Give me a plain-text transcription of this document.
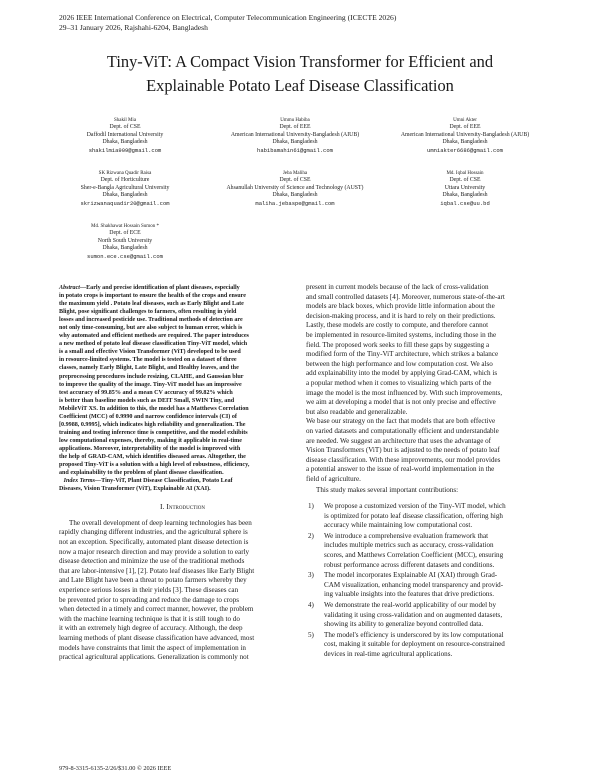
2026 IEEE International Conference on Electrical, Computer Telecommunication Engineering (ICECTE 2026)
29–31 January 2026, Rajshahi-6204, Bangladesh
Tiny-ViT: A Compact Vision Transformer for Efficient and
Explainable Potato Leaf Disease Classification
Shakil Mia
Dept. of CSE
Daffodil International University
Dhaka, Bangladesh
shakilmia909@gmail.com
Ummu Habiba
Dept. of EEE
American International University-Bangladesh (AIUB)
Dhaka, Bangladesh
habibamahin61@gmail.com
Umni Akter
Dept. of EEE
American International University-Bangladesh (AIUB)
Dhaka, Bangladesh
umniakter6686@gmail.com
SK Rizwana Quadir Raisa
Dept. of Horticulture
Sher-e-Bangla Agricultural University
Dhaka, Bangladesh
skrizwanaquadir20@gmail.com
Jeba Maliha
Dept. of CSE
Ahsanullah University of Science and Technology (AUST)
Dhaka, Bangladesh
maliha.jebaspe@gmail.com
Md. Iqbal Hossain
Dept. of CSE
Uttara University
Dhaka, Bangladesh
iqbal.cse@uu.bd
Md. Shakhawat Hossain Sumon *
Dept. of ECE
North South University
Dhaka, Bangladesh
sumon.ece.cse@gmail.com
Abstract—Early and precise identification of plant diseases, especially
in potato crops is important to ensure the health of the crops and ensure
the maximum yield . Potato leaf diseases, such as Early Blight and Late
Blight, pose significant challenges to farmers, often resulting in yield
losses and increased pesticide use. Traditional methods of detection are
not only time-consuming, but are also subject to human error, which is
why automated and efficient methods are required. The paper introduces
a new method of potato leaf disease classification Tiny-ViT model, which
is a small and effective Vision Transformer (ViT) developed to be used
in resource-limited systems. The model is tested on a dataset of three
classes, namely Early Blight, Late Blight, and Healthy leaves, and the
preprocessing procedures include resizing, CLAHE, and Gaussian blur
to improve the quality of the image. Tiny-ViT model has an impressive
test accuracy of 99.85% and a mean CV accuracy of 99.82% which
is better than baseline models such as DEIT Small, SWIN Tiny, and
MobileViT XS. In addition to this, the model has a Matthews Correlation
Coefficient (MCC) of 0.9990 and narrow confidence intervals (CI) of
[0.9988, 0.9995], which indicates high reliability and generalization. The
training and testing inference time is competitive, and the model exhibits
low computational expenses, thereby, making it applicable in real-time
applications. Moreover, interpretability of the model is improved with
the help of GRAD-CAM, which identifies diseased areas. Altogether, the
proposed Tiny-ViT is a solution with a high level of robustness, efficiency,
and explainability to the problem of plant disease classification.
Index Terms—Tiny-ViT, Plant Disease Classification, Potato Leaf
Diseases, Vision Transformer (ViT), Explainable AI (XAI).
I. Introduction
The overall development of deep learning technologies has been
rapidly changing different industries, and the agricultural sphere is
not an exception. Specifically, automated plant disease detection is
now a major research direction and may provide a solution to early
disease detection and minimize the use of the traditional methods
that are labor-intensive [1], [2]. Potato leaf diseases like Early Blight
and Late Blight have been a threat to potato farmers whereby they
experience serious losses in their yields [3]. These diseases can
be prevented prior to spreading and reduce the damage to crops
when detected in a timely and correct manner, however, the problem
with the machine learning technique is that it is still tough to do
it with an extremely high degree of accuracy. Although, the deep
learning methods of plant disease classification have advanced, most
models have constraints that limit the aspect of implementation in
practical agricultural applications. Generalization is commonly not
present in current models because of the lack of cross-validation
and small controlled datasets [4]. Moreover, numerous state-of-the-art
models are black boxes, which provide little information about the
decision-making process, and it is hard to rely on their predictions.
Lastly, these models are costly to compute, and therefore cannot
be implemented in resource-limited systems, including those in the
field. The proposed work seeks to fill these gaps by suggesting a
modified form of the Tiny-ViT architecture, which strikes a balance
between the high performance and low computation cost. We also
add explainability into the model by applying Grad-CAM, which is
a popular method when it comes to visualizing which parts of the
image the model is the most influenced by. With such improvements,
we aim at developing a model that is not only precise and effective
but also readable and generalizable.
We base our strategy on the fact that models that are both effective
on varied datasets and computationally efficient and understandable
are needed. We suggest an architecture that uses the advantage of
Vision Transformers (ViT) but is adjusted to the needs of potato leaf
disease classification. With these improvements, our model provides
a potential answer to the issue of real-world implementation in the
field of agriculture.
This study makes several important contributions:
1) We propose a customized version of the Tiny-ViT model, which
is optimized for potato leaf disease classification, offering high
accuracy while maintaining low computational cost.
2) We introduce a comprehensive evaluation framework that
includes multiple metrics such as accuracy, cross-validation
scores, and Matthews Correlation Coefficient (MCC), ensuring
robust performance across different datasets and conditions.
3) The model incorporates Explainable AI (XAI) through Grad-
CAM visualization, enhancing model transparency and provid-
ing valuable insights into the features that drive predictions.
4) We demonstrate the real-world applicability of our model by
validating it using cross-validation and on augmented datasets,
showing its ability to generalize beyond controlled data.
5) The model's efficiency is underscored by its low computational
cost, making it suitable for deployment on resource-constrained
devices in real-time agricultural applications.
979-8-3315-6135-2/26/$31.00 © 2026 IEEE
